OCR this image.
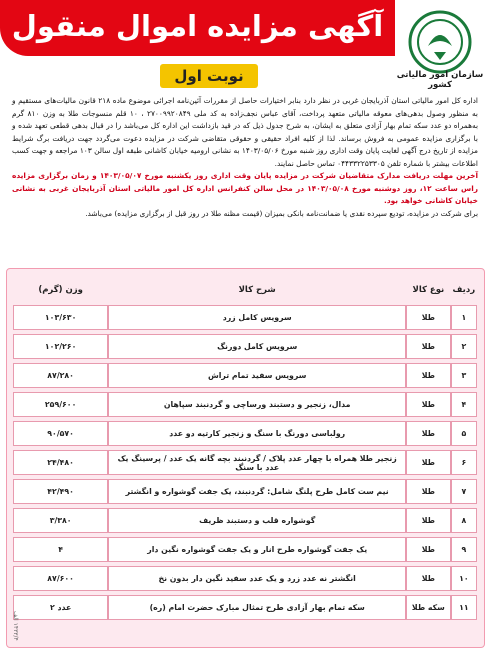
آگهی مزایده اموال منقول
سازمان امور مالیاتی کشور
نوبت اول
اداره کل امور مالیاتی استان آذربایجان غربی در نظر دارد بنابر اختیارات حاصل از مقررات آئین‌نامه اجرائی موضوع ماده ۲۱۸ قانون مالیات‌های مستقیم و به منظور وصول بدهی‌های معوقه مالیاتی متعهد پرداخت، آقای عباس نجف‌زاده به کد ملی ۲۷۰۰۹۹۲۰۸۴۹ ، ۱۰ قلم منسوجات طلا به وزن ۸۱۰ گرم به‌همراه دو عدد سکه تمام بهار آزادی متعلق به ایشان، به شرح جدول ذیل که در قید بازداشت این اداره کل می‌باشد را در قبال بدهی قطعی تعهد شده و با برگزاری مزایده عمومی به فروش برساند. لذا از کلیه افراد حقیقی و حقوقی متقاضی شرکت در مزایده دعوت می‌گردد جهت دریافت برگ شرایط مزایده از تاریخ درج آگهی لغایت پایان وقت اداری روز شنبه مورخ ۱۴۰۳/۰۵/۰۶ به نشانی ارومیه خیابان کاشانی طبقه اول سالن ۱۰۳ مراجعه و جهت کسب اطلاعات بیشتر با شماره تلفن ۰۴۴۳۳۲۲۵۳۳۰۵ تماس حاصل نمایند.
آخرین مهلت دریافت مدارک متقاضیان شرکت در مزایده پایان وقت اداری روز یکشنبه مورخ ۱۴۰۳/۰۵/۰۷ و زمان برگزاری مزایده راس ساعت ۱۲، روز دوشنبه مورخ ۱۴۰۳/۰۵/۰۸ در محل سالن کنفرانس اداره کل امور مالیاتی استان آذربایجان غربی به نشانی خیابان کاشانی خواهد بود.
برای شرکت در مزایده، تودیع سپرده نقدی یا ضمانت‌نامه بانکی بمیزان (قیمت مظنه طلا در روز قبل از برگزاری مزایده) می‌باشد.
ردیف	نوع کالا	شرح کالا	وزن (گرم)
۱	طلا	سرویس کامل زرد	۱۰۳/۶۳۰
۲	طلا	سرویس کامل دورنگ	۱۰۲/۲۶۰
۳	طلا	سرویس سفید تمام تراش	۸۷/۲۸۰
۴	طلا	مدال، زنجیر و دستبند ورساچی و گردنبند سپاهان	۲۵۹/۶۰۰
۵	طلا	رولباسی دورنگ با سنگ و زنجیر کارتیه دو عدد	۹۰/۵۷۰
۶	طلا	زنجیر طلا همراه با چهار عدد پلاک / گردنبند بچه گانه یک عدد / پرسینگ یک عدد با سنگ	۲۴/۴۸۰
۷	طلا	نیم ست کامل طرح پلنگ شامل: گردنبند، یک جفت گوشواره و انگشتر	۴۲/۴۹۰
۸	طلا	گوشواره قلب و دستبند ظریف	۳/۳۸۰
۹	طلا	یک جفت گوشواره طرح انار و یک جفت گوشواره نگین دار	۴
۱۰	طلا	انگشتر نه عدد زرد و یک عدد سفید نگین دار بدون نخ	۸۷/۶۰۰
۱۱	سکه طلا	سکه تمام بهار آزادی طرح تمثال مبارک حضرت امام (ره)	۲ عدد
۱۴۳۳/۴ الف
